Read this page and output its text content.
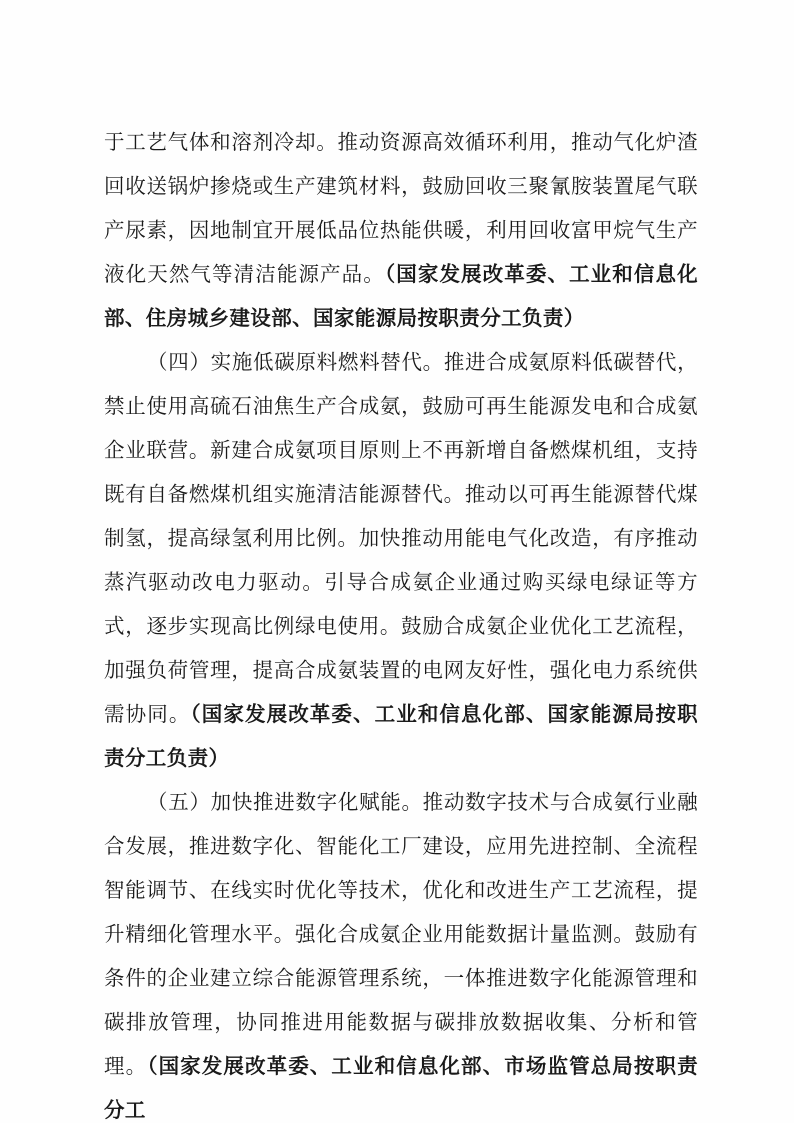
于工艺气体和溶剂冷却。推动资源高效循环利用，推动气化炉渣回收送锅炉掺烧或生产建筑材料，鼓励回收三聚氰胺装置尾气联产尿素，因地制宜开展低品位热能供暖，利用回收富甲烷气生产液化天然气等清洁能源产品。（国家发展改革委、工业和信息化部、住房城乡建设部、国家能源局按职责分工负责）

（四）实施低碳原料燃料替代。推进合成氨原料低碳替代，禁止使用高硫石油焦生产合成氨，鼓励可再生能源发电和合成氨企业联营。新建合成氨项目原则上不再新增自备燃煤机组，支持既有自备燃煤机组实施清洁能源替代。推动以可再生能源替代煤制氢，提高绿氢利用比例。加快推动用能电气化改造，有序推动蒸汽驱动改电力驱动。引导合成氨企业通过购买绿电绿证等方式，逐步实现高比例绿电使用。鼓励合成氨企业优化工艺流程，加强负荷管理，提高合成氨装置的电网友好性，强化电力系统供需协同。（国家发展改革委、工业和信息化部、国家能源局按职责分工负责）

（五）加快推进数字化赋能。推动数字技术与合成氨行业融合发展，推进数字化、智能化工厂建设，应用先进控制、全流程智能调节、在线实时优化等技术，优化和改进生产工艺流程，提升精细化管理水平。强化合成氨企业用能数据计量监测。鼓励有条件的企业建立综合能源管理系统，一体推进数字化能源管理和碳排放管理，协同推进用能数据与碳排放数据收集、分析和管理。（国家发展改革委、工业和信息化部、市场监管总局按职责分工
